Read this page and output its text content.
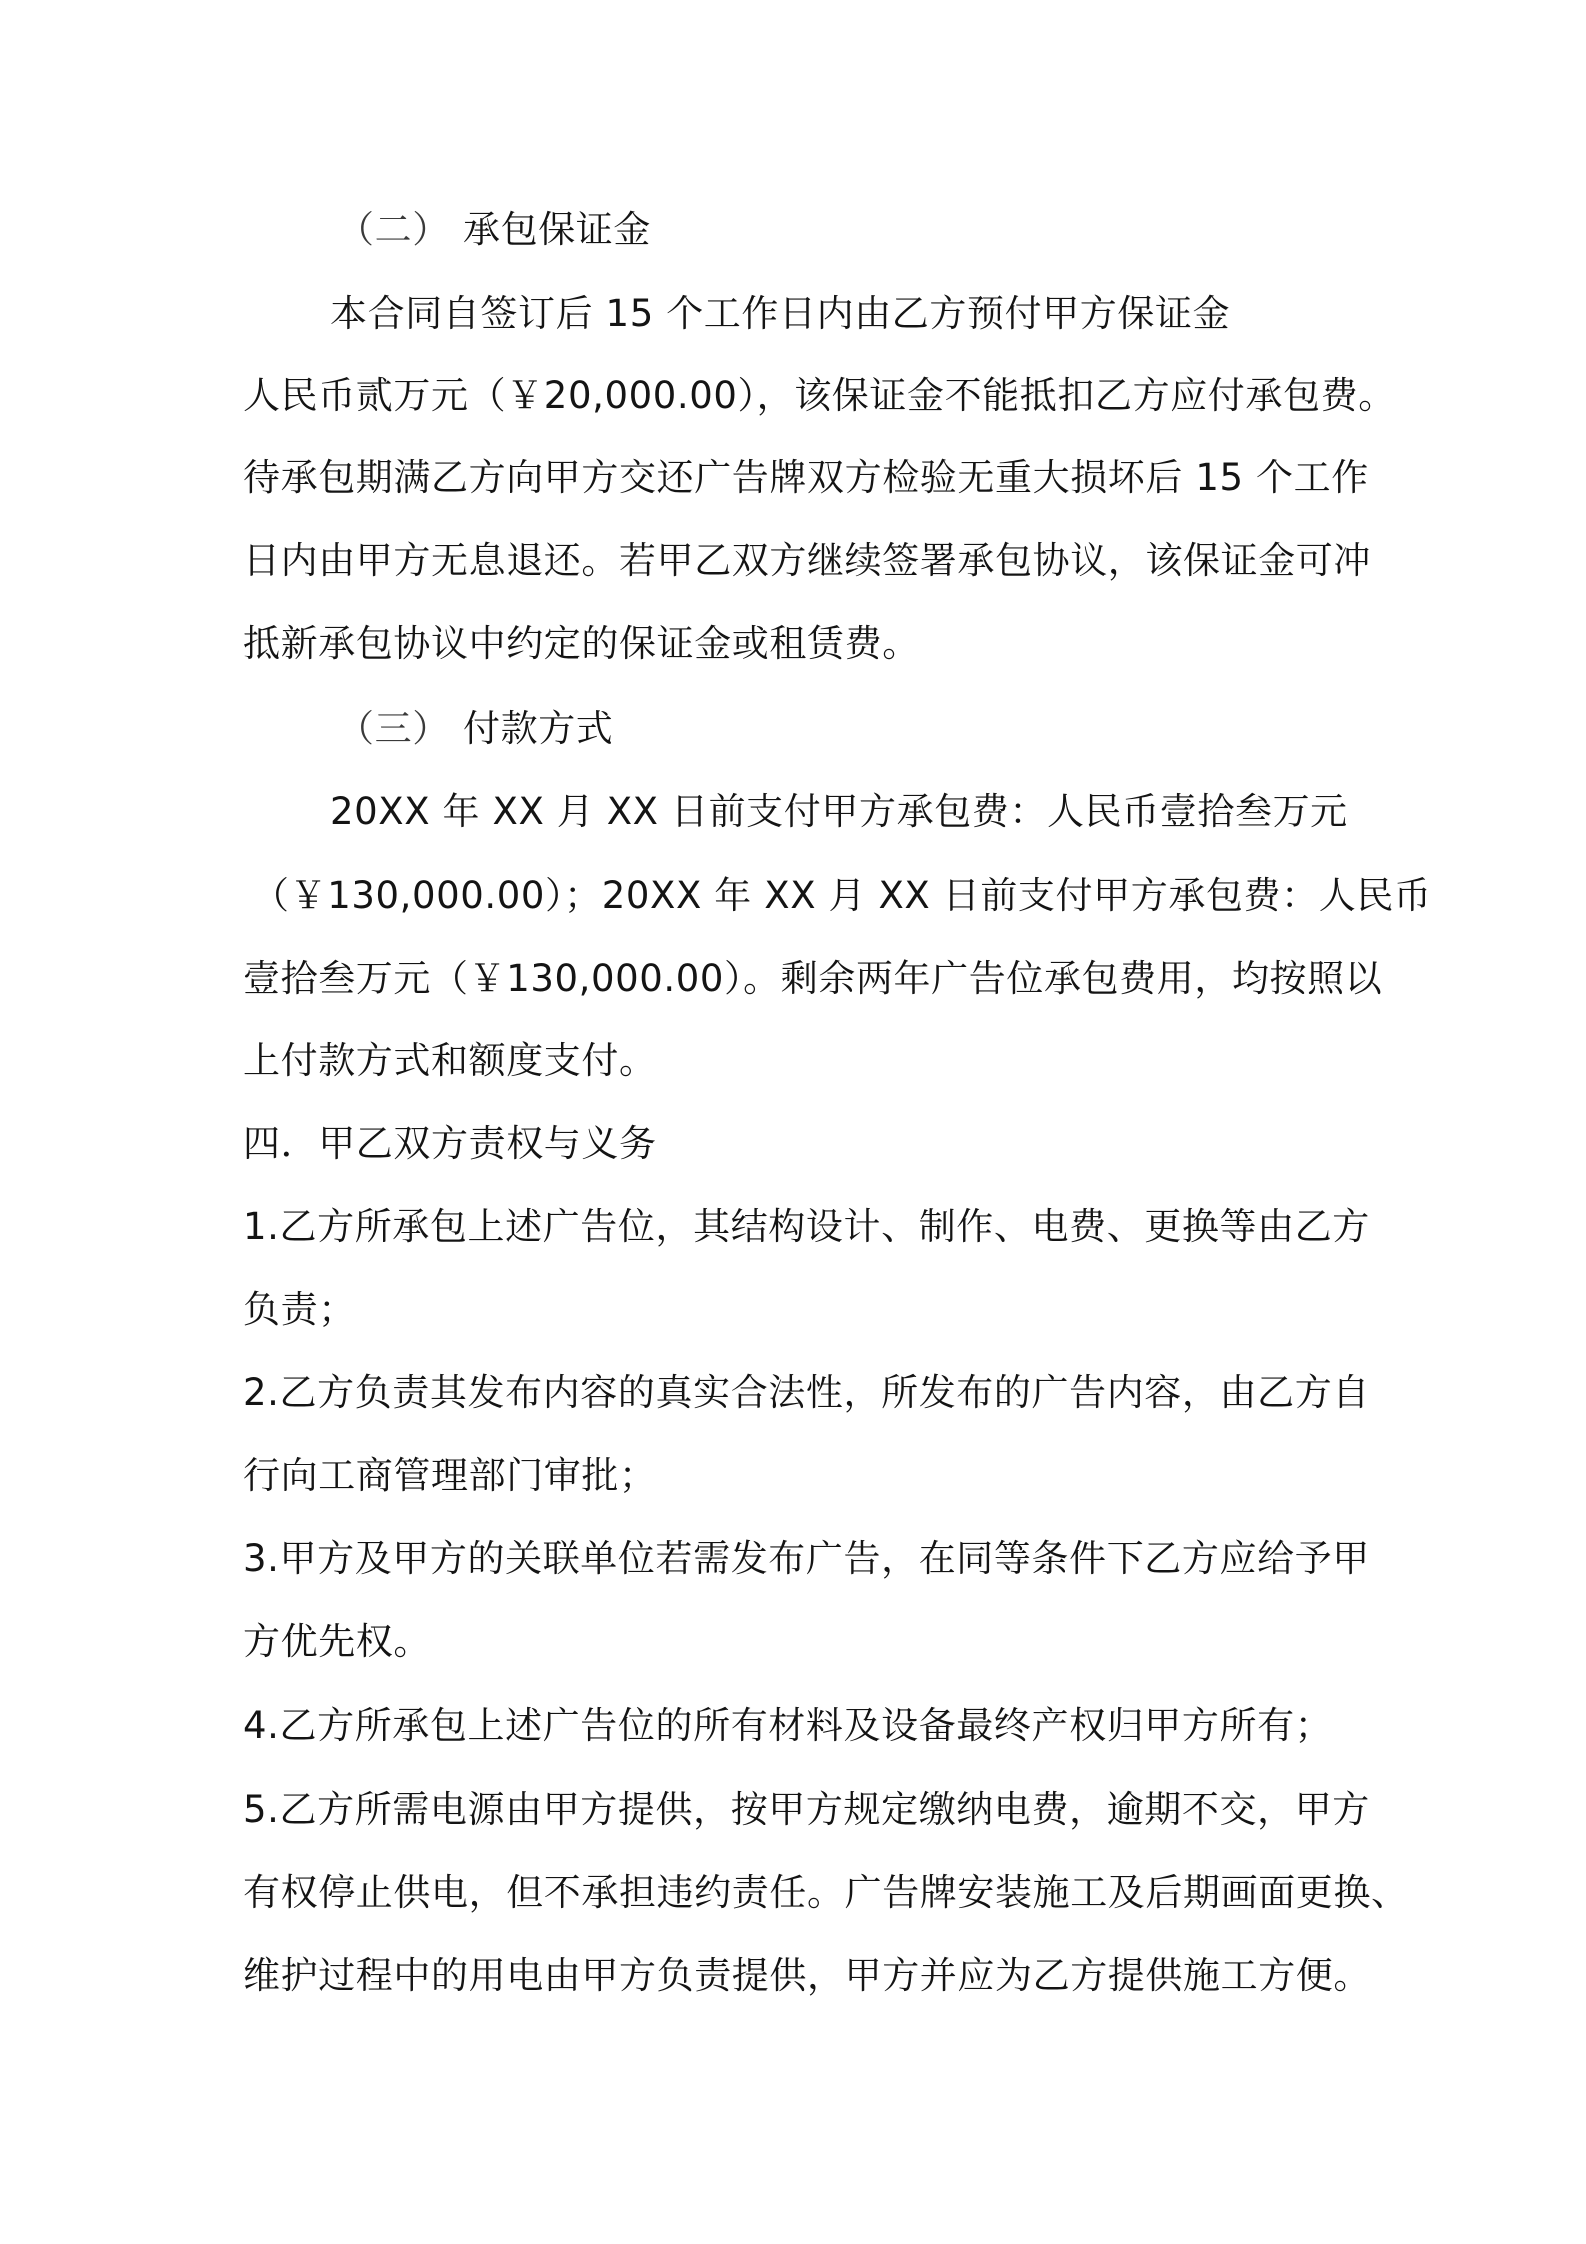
（二） 承包保证金
本合同自签订后 15 个工作日内由乙方预付甲方保证金
人民币贰万元（￥20,000.00），该保证金不能抵扣乙方应付承包费。
待承包期满乙方向甲方交还广告牌双方检验无重大损坏后 15 个工作
日内由甲方无息退还。若甲乙双方继续签署承包协议，该保证金可冲
抵新承包协议中约定的保证金或租赁费。
（三） 付款方式
20XX 年 XX 月 XX 日前支付甲方承包费：人民币壹拾叁万元
（￥130,000.00）；20XX 年 XX 月 XX 日前支付甲方承包费：人民币
壹拾叁万元（￥130,000.00）。剩余两年广告位承包费用，均按照以
上付款方式和额度支付。
四．甲乙双方责权与义务
1.乙方所承包上述广告位，其结构设计、制作、电费、更换等由乙方
负责；
2.乙方负责其发布内容的真实合法性，所发布的广告内容，由乙方自
行向工商管理部门审批；
3.甲方及甲方的关联单位若需发布广告，在同等条件下乙方应给予甲
方优先权。
4.乙方所承包上述广告位的所有材料及设备最终产权归甲方所有；
5.乙方所需电源由甲方提供，按甲方规定缴纳电费，逾期不交，甲方
有权停止供电，但不承担违约责任。广告牌安装施工及后期画面更换、
维护过程中的用电由甲方负责提供，甲方并应为乙方提供施工方便。
